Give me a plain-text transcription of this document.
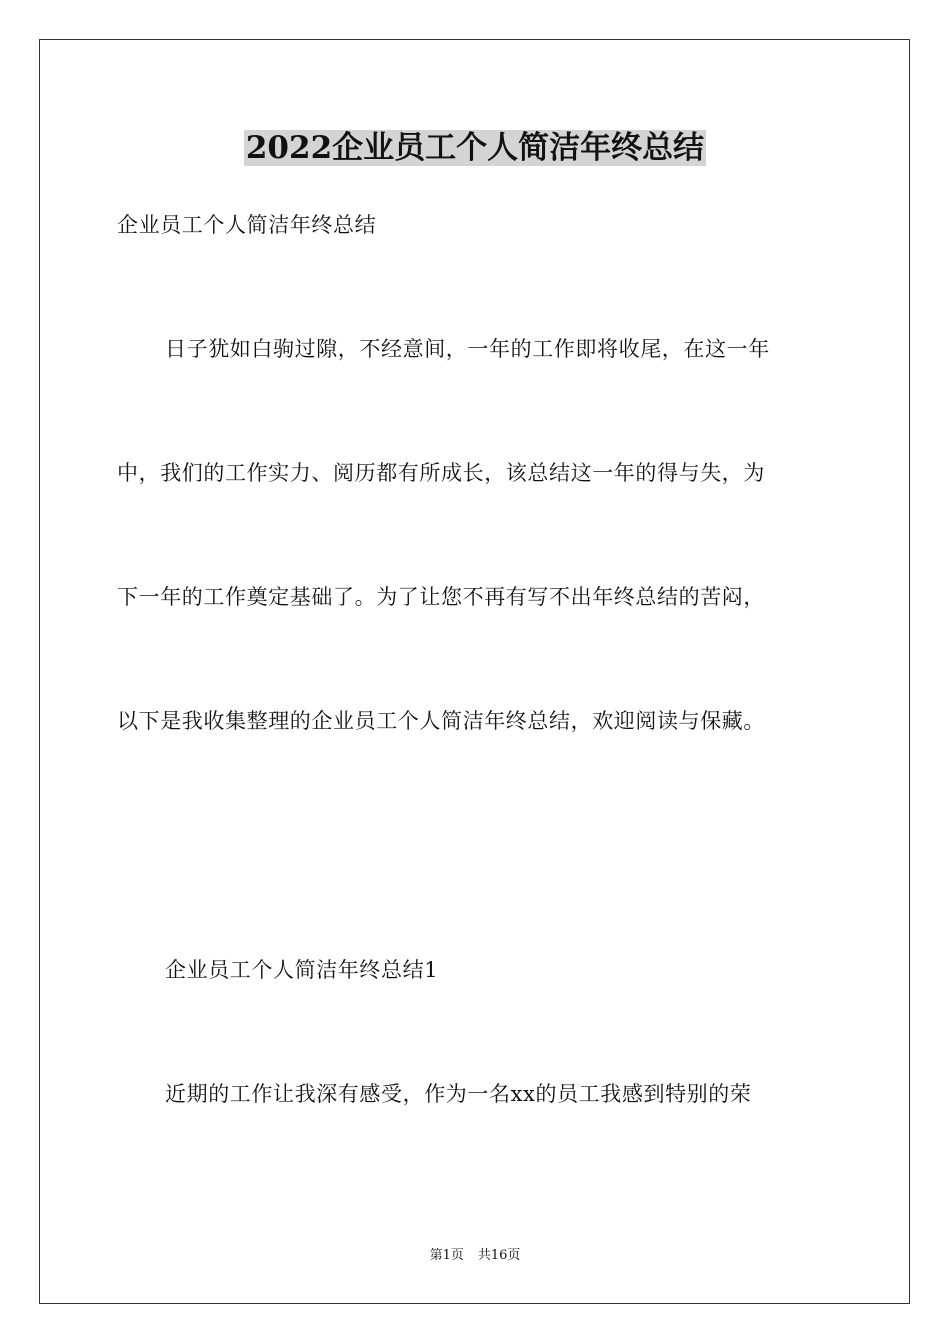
2022企业员工个人简洁年终总结
企业员工个人简洁年终总结
日子犹如白驹过隙，不经意间，一年的工作即将收尾，在这一年
中，我们的工作实力、阅历都有所成长，该总结这一年的得与失，为
下一年的工作奠定基础了。为了让您不再有写不出年终总结的苦闷，
以下是我收集整理的企业员工个人简洁年终总结，欢迎阅读与保藏。
企业员工个人简洁年终总结1
近期的工作让我深有感受，作为一名xx的员工我感到特别的荣
第1页 共16页
